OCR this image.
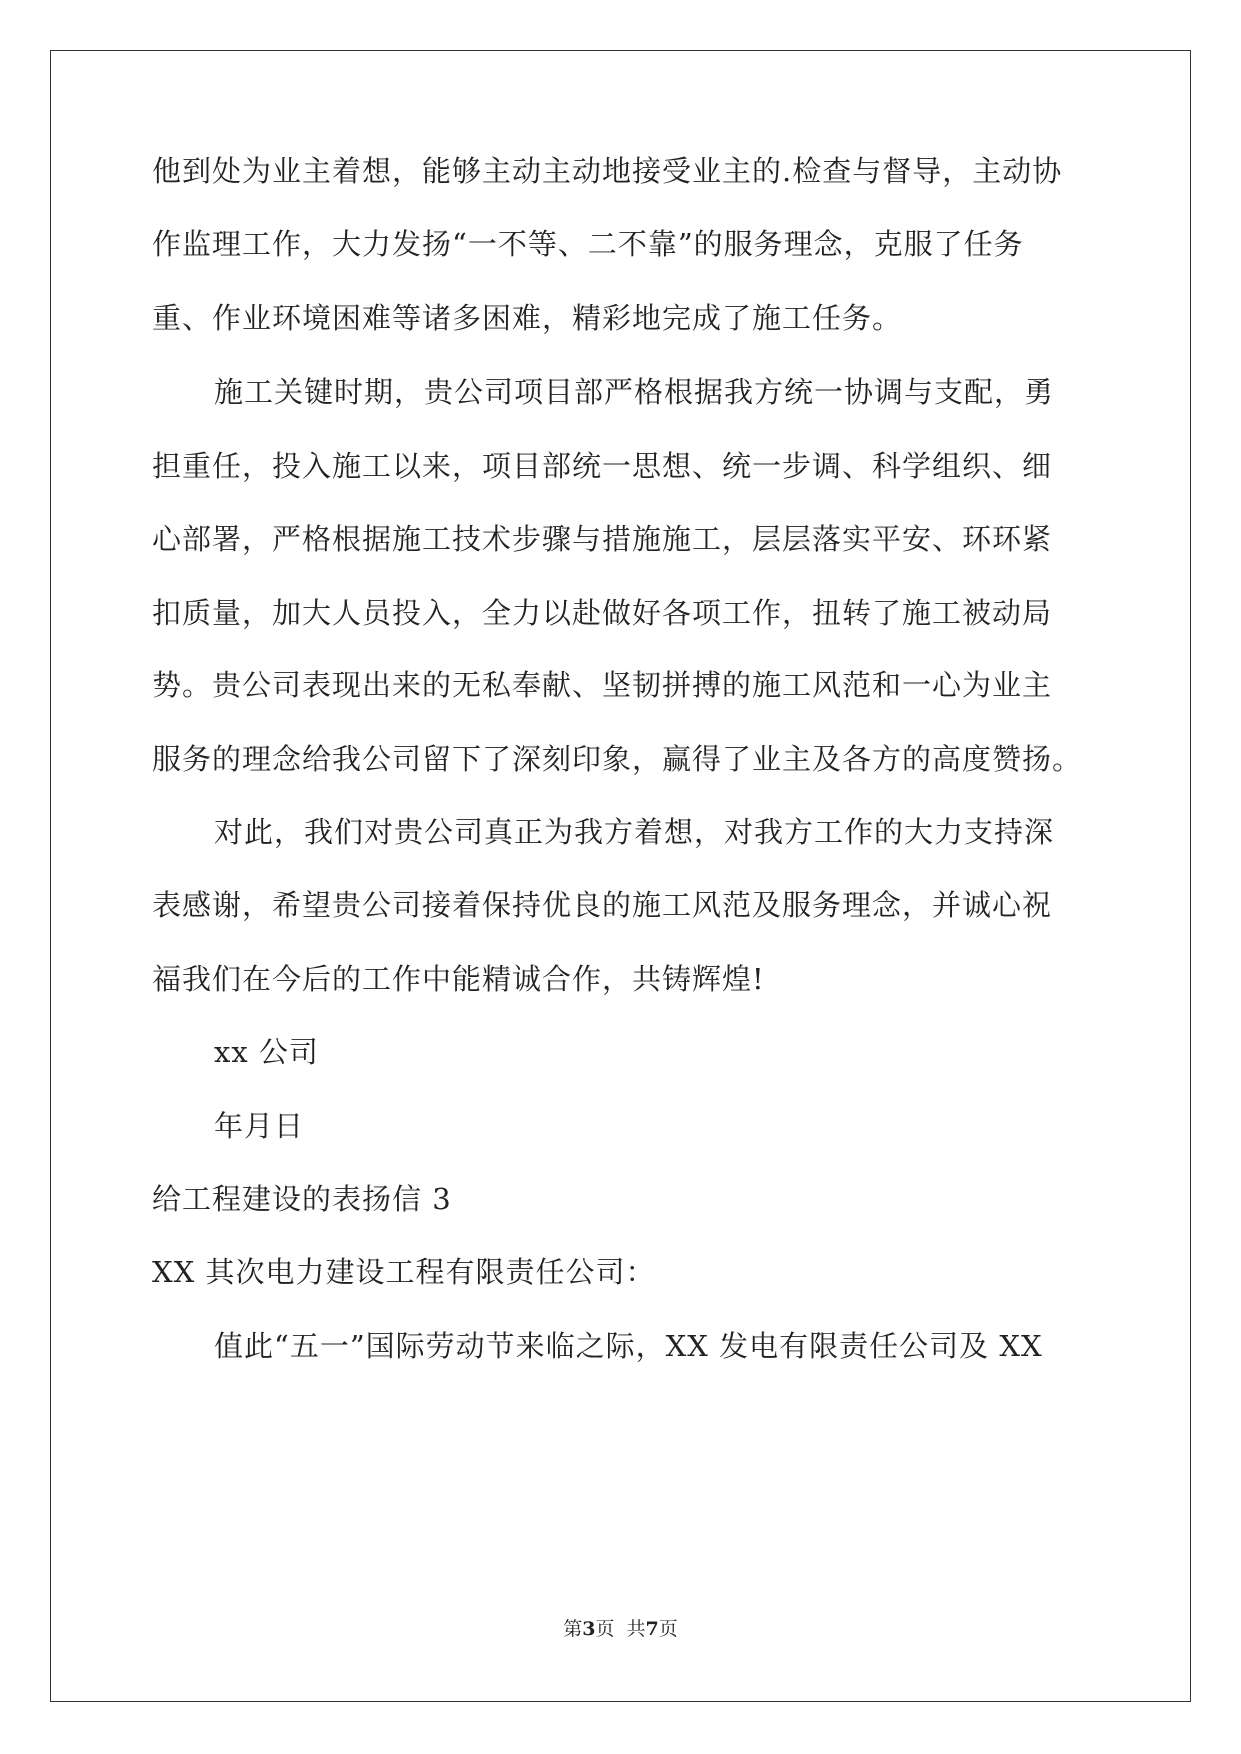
他到处为业主着想，能够主动主动地接受业主的.检查与督导，主动协
作监理工作，大力发扬“一不等、二不靠”的服务理念，克服了任务
重、作业环境困难等诸多困难，精彩地完成了施工任务。
施工关键时期，贵公司项目部严格根据我方统一协调与支配，勇
担重任，投入施工以来，项目部统一思想、统一步调、科学组织、细
心部署，严格根据施工技术步骤与措施施工，层层落实平安、环环紧
扣质量，加大人员投入，全力以赴做好各项工作，扭转了施工被动局
势。贵公司表现出来的无私奉献、坚韧拼搏的施工风范和一心为业主
服务的理念给我公司留下了深刻印象，赢得了业主及各方的高度赞扬。
对此，我们对贵公司真正为我方着想，对我方工作的大力支持深
表感谢，希望贵公司接着保持优良的施工风范及服务理念，并诚心祝
福我们在今后的工作中能精诚合作，共铸辉煌!
xx 公司
年月日
给工程建设的表扬信 3
XX 其次电力建设工程有限责任公司：
值此“五一”国际劳动节来临之际，XX 发电有限责任公司及 XX
第3页  共7页
